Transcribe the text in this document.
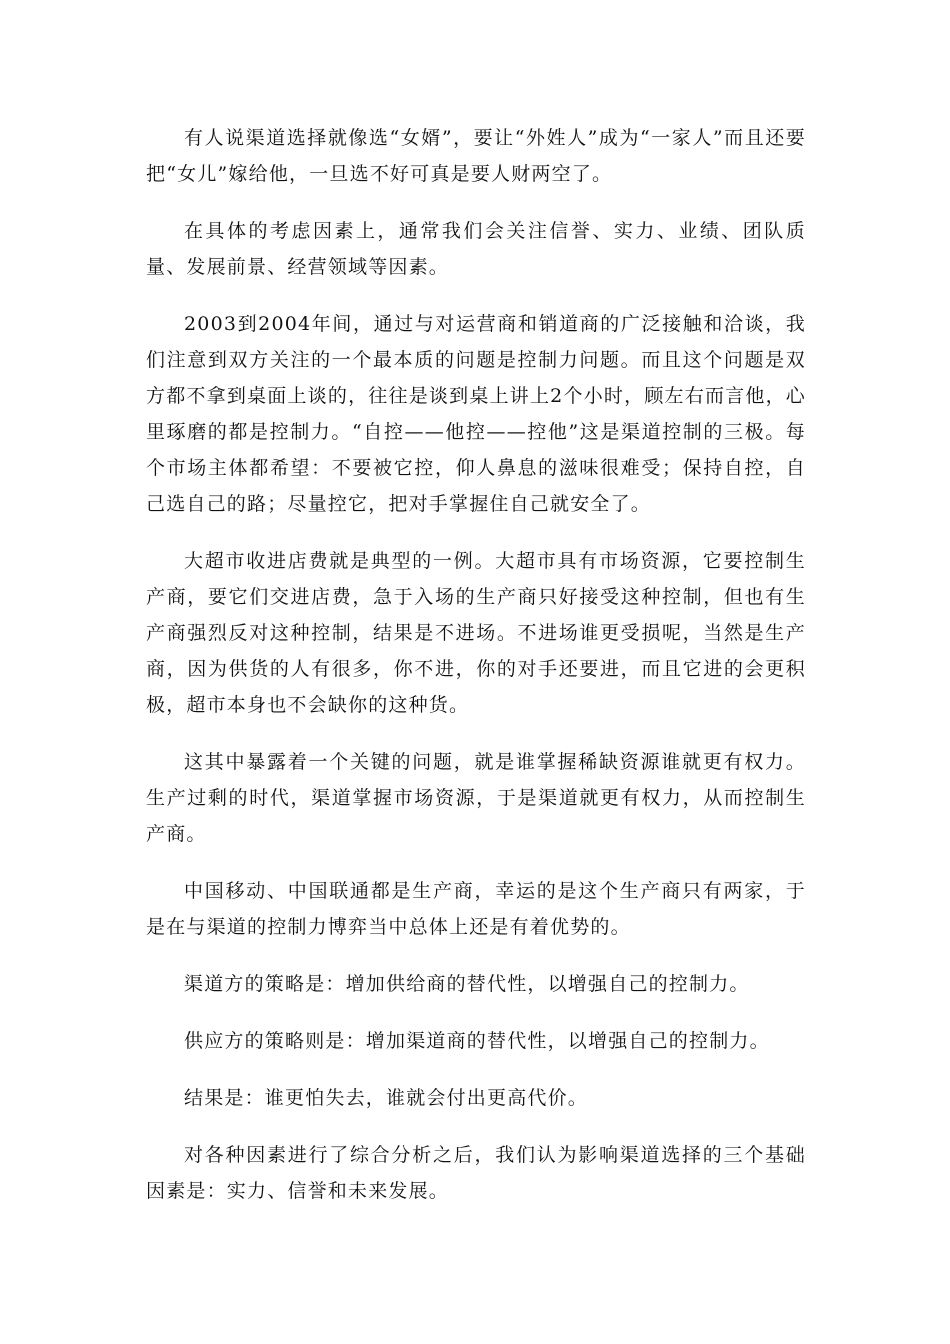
有人说渠道选择就像选“女婿”，要让“外姓人”成为“一家人”而且还要把“女儿”嫁给他，一旦选不好可真是要人财两空了。

在具体的考虑因素上，通常我们会关注信誉、实力、业绩、团队质量、发展前景、经营领域等因素。

2003到2004年间，通过与对运营商和销道商的广泛接触和洽谈，我们注意到双方关注的一个最本质的问题是控制力问题。而且这个问题是双方都不拿到桌面上谈的，往往是谈到桌上讲上2个小时，顾左右而言他，心里琢磨的都是控制力。“自控——他控——控他”这是渠道控制的三极。每个市场主体都希望：不要被它控，仰人鼻息的滋味很难受；保持自控，自己选自己的路；尽量控它，把对手掌握住自己就安全了。

大超市收进店费就是典型的一例。大超市具有市场资源，它要控制生产商，要它们交进店费，急于入场的生产商只好接受这种控制，但也有生产商强烈反对这种控制，结果是不进场。不进场谁更受损呢，当然是生产商，因为供货的人有很多，你不进，你的对手还要进，而且它进的会更积极，超市本身也不会缺你的这种货。

这其中暴露着一个关键的问题，就是谁掌握稀缺资源谁就更有权力。生产过剩的时代，渠道掌握市场资源，于是渠道就更有权力，从而控制生产商。

中国移动、中国联通都是生产商，幸运的是这个生产商只有两家，于是在与渠道的控制力博弈当中总体上还是有着优势的。

渠道方的策略是：增加供给商的替代性，以增强自己的控制力。

供应方的策略则是：增加渠道商的替代性，以增强自己的控制力。

结果是：谁更怕失去，谁就会付出更高代价。

对各种因素进行了综合分析之后，我们认为影响渠道选择的三个基础因素是：实力、信誉和未来发展。
